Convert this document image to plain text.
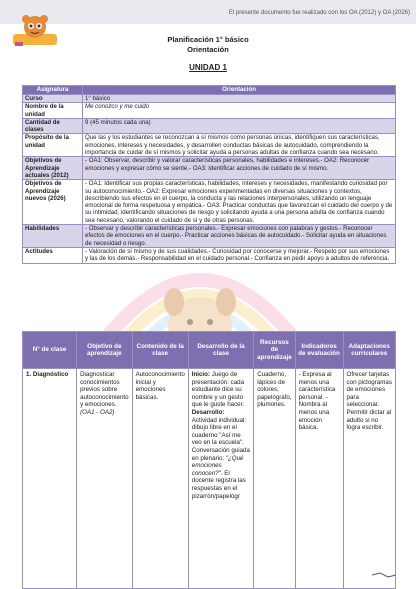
El presente documento fue realizado con los OA (2012) y OA (2026)
Planificación 1° básico
Orientación
UNIDAD 1
Asignatura	Orientación
Curso	1° básico
Nombre de la unidad	Me conozco y me cuido
Cantidad de clases	9 (45 minutos cada una)
Propósito de la unidad	Que las y los estudiantes se reconozcan a sí mismos como personas únicas, identifiquen sus características, emociones, intereses y necesidades, y desarrollen conductas básicas de autocuidado, comprendiendo la importancia de cuidar de sí mismos y solicitar ayuda a personas adultas de confianza cuando sea necesario.
Objetivos de Aprendizaje actuales (2012)	- OA1: Observar, describir y valorar características personales, habilidades e intereses.- OA2: Reconocer emociones y expresar cómo se siente.- OA3: Identificar acciones de cuidado de sí mismo.
Objetivos de Aprendizaje nuevos (2026)	- OA1: Identificar sus propias características, habilidades, intereses y necesidades, manifestando curiosidad por su autoconocimiento.- OA2: Expresar emociones experimentadas en diversas situaciones y contextos, describiendo sus efectos en el cuerpo, la conducta y las relaciones interpersonales, utilizando un lenguaje emocional de forma respetuosa y empática.- OA3: Practicar conductas que favorezcan el cuidado del cuerpo y de su intimidad, identificando situaciones de riesgo y solicitando ayuda a una persona adulta de confianza cuando sea necesario, valorando el cuidado de sí y de otras personas.
Habilidades	- Observar y describir características personales.- Expresar emociones con palabras y gestos.- Reconocer efectos de emociones en el cuerpo.- Practicar acciones básicas de autocuidado.- Solicitar ayuda en situaciones de necesidad o riesgo.
Actitudes	- Valoración de sí mismo y de sus cualidades.- Curiosidad por conocerse y mejorar.- Respeto por sus emociones y las de los demás.- Responsabilidad en el cuidado personal.- Confianza en pedir apoyo a adultos de referencia.
N° de clase	Objetivo de aprendizaje	Contenido de la clase	Desarrollo de la clase	Recursos de aprendizaje	Indicadores de evaluación	Adaptaciones curriculares
1. Diagnóstico	Diagnosticar conocimientos previos sobre autoconocimiento y emociones. (OA1 - OA2)	Autoconocimiento inicial y emociones básicas.	Inicio: Juego de presentación: cada estudiante dice su nombre y un gesto que le guste hacer. Desarrollo: Actividad individual: dibujo libre en el cuaderno "Así me veo en la escuela". Conversación guiada en plenario: "¿Qué emociones conocen?". El docente registra las respuestas en el pizarrón/papelógr	Cuaderno, lápices de colores, papelógrafo, plumones.	- Expresa al menos una característica personal. - Nombra al menos una emoción básica.	Ofrecer tarjetas con pictogramas de emociones para seleccionar. Permitir dictar al adulto si no logra escribir.
